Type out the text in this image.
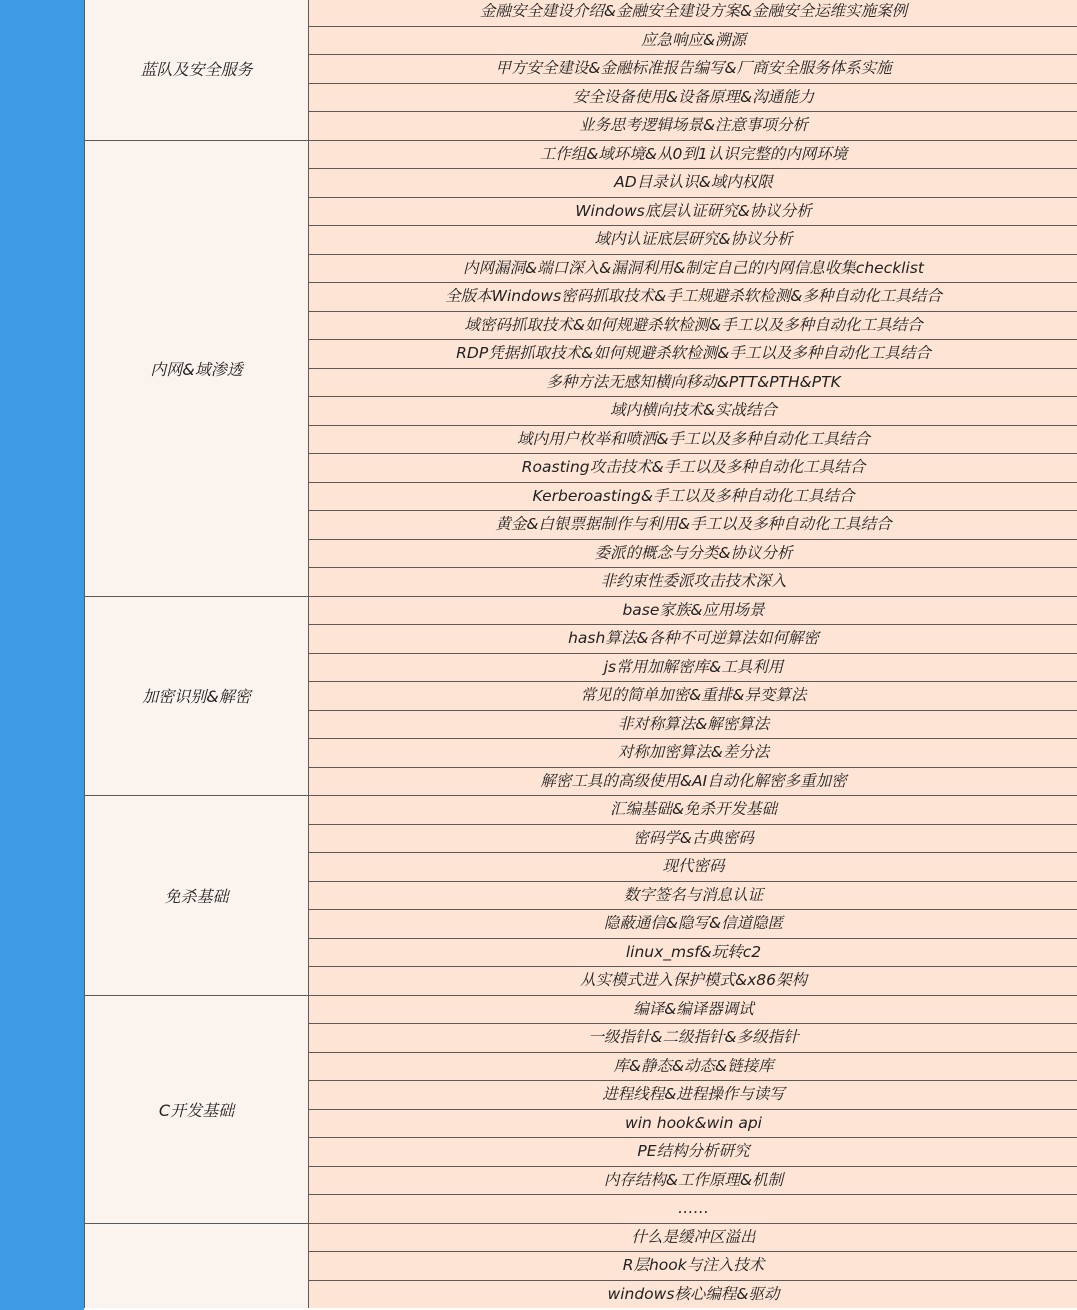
蓝队及安全服务
金融安全建设介绍&金融安全建设方案&金融安全运维实施案例
应急响应&溯源
甲方安全建设&金融标准报告编写&厂商安全服务体系实施
安全设备使用&设备原理&沟通能力
业务思考逻辑场景&注意事项分析
内网&域渗透
工作组&域环境&从0到1认识完整的内网环境
AD目录认识&域内权限
Windows底层认证研究&协议分析
域内认证底层研究&协议分析
内网漏洞&端口深入&漏洞利用&制定自己的内网信息收集checklist
全版本Windows密码抓取技术&手工规避杀软检测&多种自动化工具结合
域密码抓取技术&如何规避杀软检测&手工以及多种自动化工具结合
RDP凭据抓取技术&如何规避杀软检测&手工以及多种自动化工具结合
多种方法无感知横向移动&PTT&PTH&PTK
域内横向技术&实战结合
域内用户枚举和喷洒&手工以及多种自动化工具结合
Roasting攻击技术&手工以及多种自动化工具结合
Kerberoasting&手工以及多种自动化工具结合
黄金&白银票据制作与利用&手工以及多种自动化工具结合
委派的概念与分类&协议分析
非约束性委派攻击技术深入
加密识别&解密
base家族&应用场景
hash算法&各种不可逆算法如何解密
js常用加解密库&工具利用
常见的简单加密&重排&异变算法
非对称算法&解密算法
对称加密算法&差分法
解密工具的高级使用&AI自动化解密多重加密
免杀基础
汇编基础&免杀开发基础
密码学&古典密码
现代密码
数字签名与消息认证
隐蔽通信&隐写&信道隐匿
linux_msf&玩转c2
从实模式进入保护模式&x86架构
C开发基础
编译&编译器调试
一级指针&二级指针&多级指针
库&静态&动态&链接库
进程线程&进程操作与读写
win hook&win api
PE结构分析研究
内存结构&工作原理&机制
……
什么是缓冲区溢出
R层hook与注入技术
windows核心编程&驱动
